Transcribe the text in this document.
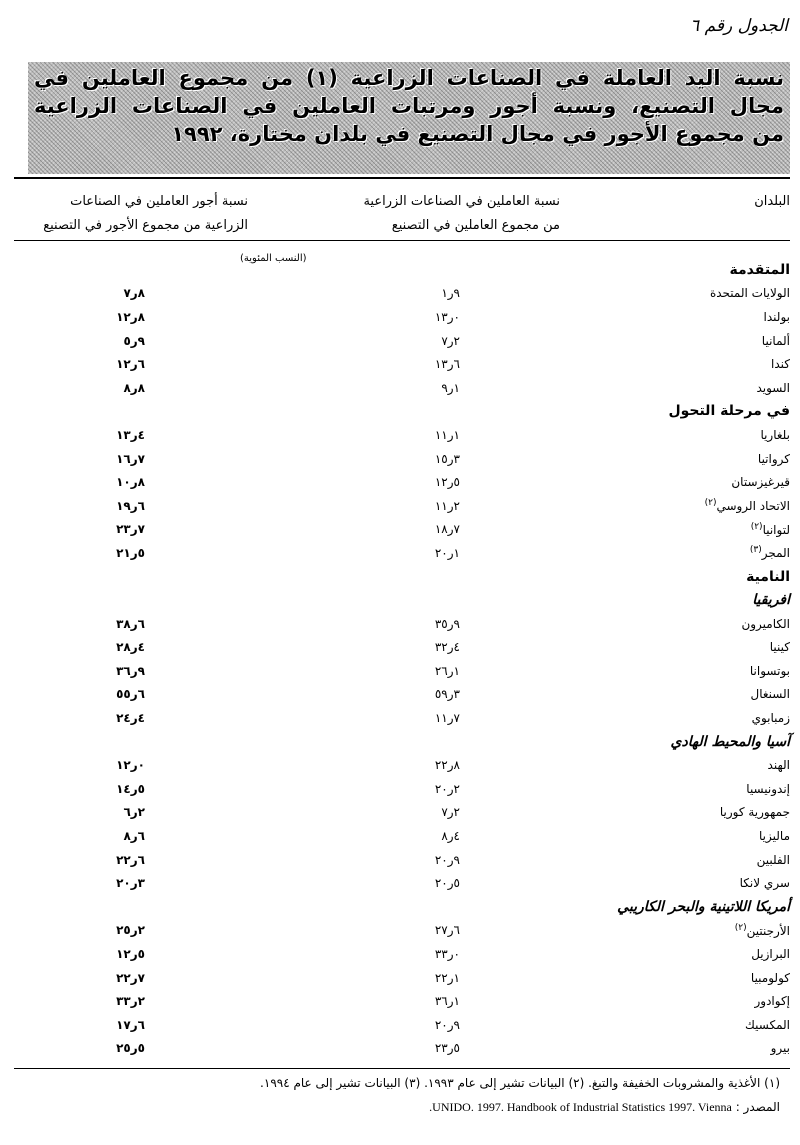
الجدول رقم ٦
نسبة اليد العاملة في الصناعات الزراعية (١) من مجموع العاملين في
مجال التصنيع، ونسبة أجور ومرتبات العاملين في الصناعات الزراعية
من مجموع الأجور في مجال التصنيع في بلدان مختارة، ١٩٩٢
البلدان
نسبة العاملين في الصناعات الزراعية
من مجموع العاملين في التصنيع
نسبة أجور العاملين في الصناعات
الزراعية من مجموع الأجور في التصنيع
(النسب المئوية)
المتقدمة
الولايات المتحدة
١ر٩
٧ر٨
بولندا
١٣ر٠
١٢ر٨
ألمانيا
٧ر٢
٥ر٩
كندا
١٣ر٦
١٢ر٦
السويد
٩ر١
٨ر٨
في مرحلة التحول
بلغاريا
١١ر١
١٣ر٤
كرواتيا
١٥ر٣
١٦ر٧
قيرغيزستان
١٢ر٥
١٠ر٨
الاتحاد الروسي$^{(٢)}$
١١ر٢
١٩ر٦
لتوانيا$^{(٢)}$
١٨ر٧
٢٣ر٧
المجر$^{(٣)}$
٢٠ر١
٢١ر٥
النامية
افريقيا
الكاميرون
٣٥ر٩
٣٨ر٦
كينيا
٣٢ر٤
٢٨ر٤
بوتسوانا
٢٦ر١
٣٦ر٩
السنغال
٥٩ر٣
٥٥ر٦
زمبابوي
١١ر٧
٢٤ر٤
آسيا والمحيط الهادي
الهند
٢٢ر٨
١٢ر٠
إندونيسيا
٢٠ر٢
١٤ر٥
جمهورية كوريا
٧ر٢
٦ر٢
ماليزيا
٨ر٤
٨ر٦
الفلبين
٢٠ر٩
٢٢ر٦
سري لانكا
٢٠ر٥
٢٠ر٣
أمريكا اللاتينية والبحر الكاريبي
الأرجنتين$^{(٢)}$
٢٧ر٦
٢٥ر٢
البرازيل
٣٣ر٠
١٢ر٥
كولومبيا
٢٢ر١
٢٢ر٧
إكوادور
٣٦ر١
٣٣ر٢
المكسيك
٢٠ر٩
١٧ر٦
بيرو
٢٣ر٥
٢٥ر٥
(١) الأغذية والمشروبات الخفيفة والتبغ. (٢) البيانات تشير إلى عام ١٩٩٣. (٣) البيانات تشير إلى عام ١٩٩٤.
المصدر : UNIDO. 1997. Handbook of Industrial Statistics 1997. Vienna.
